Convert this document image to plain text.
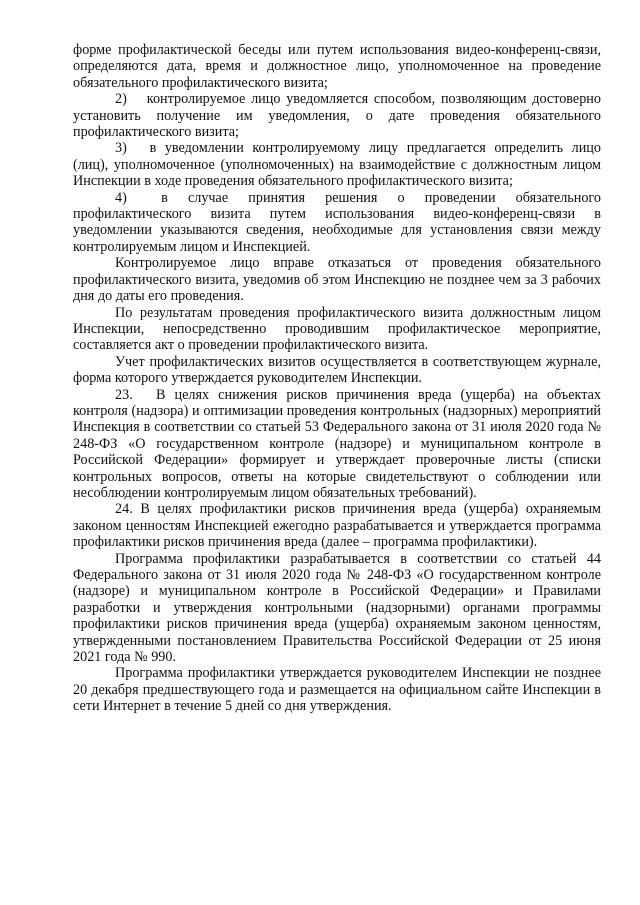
форме профилактической беседы или путем использования видео-конференц-связи, определяются дата, время и должностное лицо, уполномоченное на проведение обязательного профилактического визита;

2)  контролируемое лицо уведомляется способом, позволяющим достоверно установить получение им уведомления, о дате проведения обязательного профилактического визита;

3)  в уведомлении контролируемому лицу предлагается определить лицо (лиц), уполномоченное (уполномоченных) на взаимодействие с должностным лицом Инспекции в ходе проведения обязательного профилактического визита;

4)  в случае принятия решения о проведении обязательного профилактического визита путем использования видео-конференц-связи в уведомлении указываются сведения, необходимые для установления связи между контролируемым лицом и Инспекцией.

Контролируемое лицо вправе отказаться от проведения обязательного профилактического визита, уведомив об этом Инспекцию не позднее чем за 3 рабочих дня до даты его проведения.

По результатам проведения профилактического визита должностным лицом Инспекции, непосредственно проводившим профилактическое мероприятие, составляется акт о проведении профилактического визита.

Учет профилактических визитов осуществляется в соответствующем журнале, форма которого утверждается руководителем Инспекции.

23.  В целях снижения рисков причинения вреда (ущерба) на объектах контроля (надзора) и оптимизации проведения контрольных (надзорных) мероприятий Инспекция в соответствии со статьей 53 Федерального закона от 31 июля 2020 года № 248-ФЗ «О государственном контроле (надзоре) и муниципальном контроле в Российской Федерации» формирует и утверждает проверочные листы (списки контрольных вопросов, ответы на которые свидетельствуют о соблюдении или несоблюдении контролируемым лицом обязательных требований).

24. В целях профилактики рисков причинения вреда (ущерба) охраняемым законом ценностям Инспекцией ежегодно разрабатывается и утверждается программа профилактики рисков причинения вреда (далее – программа профилактики).

Программа профилактики разрабатывается в соответствии со статьей 44 Федерального закона от 31 июля 2020 года № 248-ФЗ «О государственном контроле (надзоре) и муниципальном контроле в Российской Федерации» и Правилами разработки и утверждения контрольными (надзорными) органами программы профилактики рисков причинения вреда (ущерба) охраняемым законом ценностям, утвержденными постановлением Правительства Российской Федерации от 25 июня 2021 года № 990.

Программа профилактики утверждается руководителем Инспекции не позднее 20 декабря предшествующего года и размещается на официальном сайте Инспекции в сети Интернет в течение 5 дней со дня утверждения.
